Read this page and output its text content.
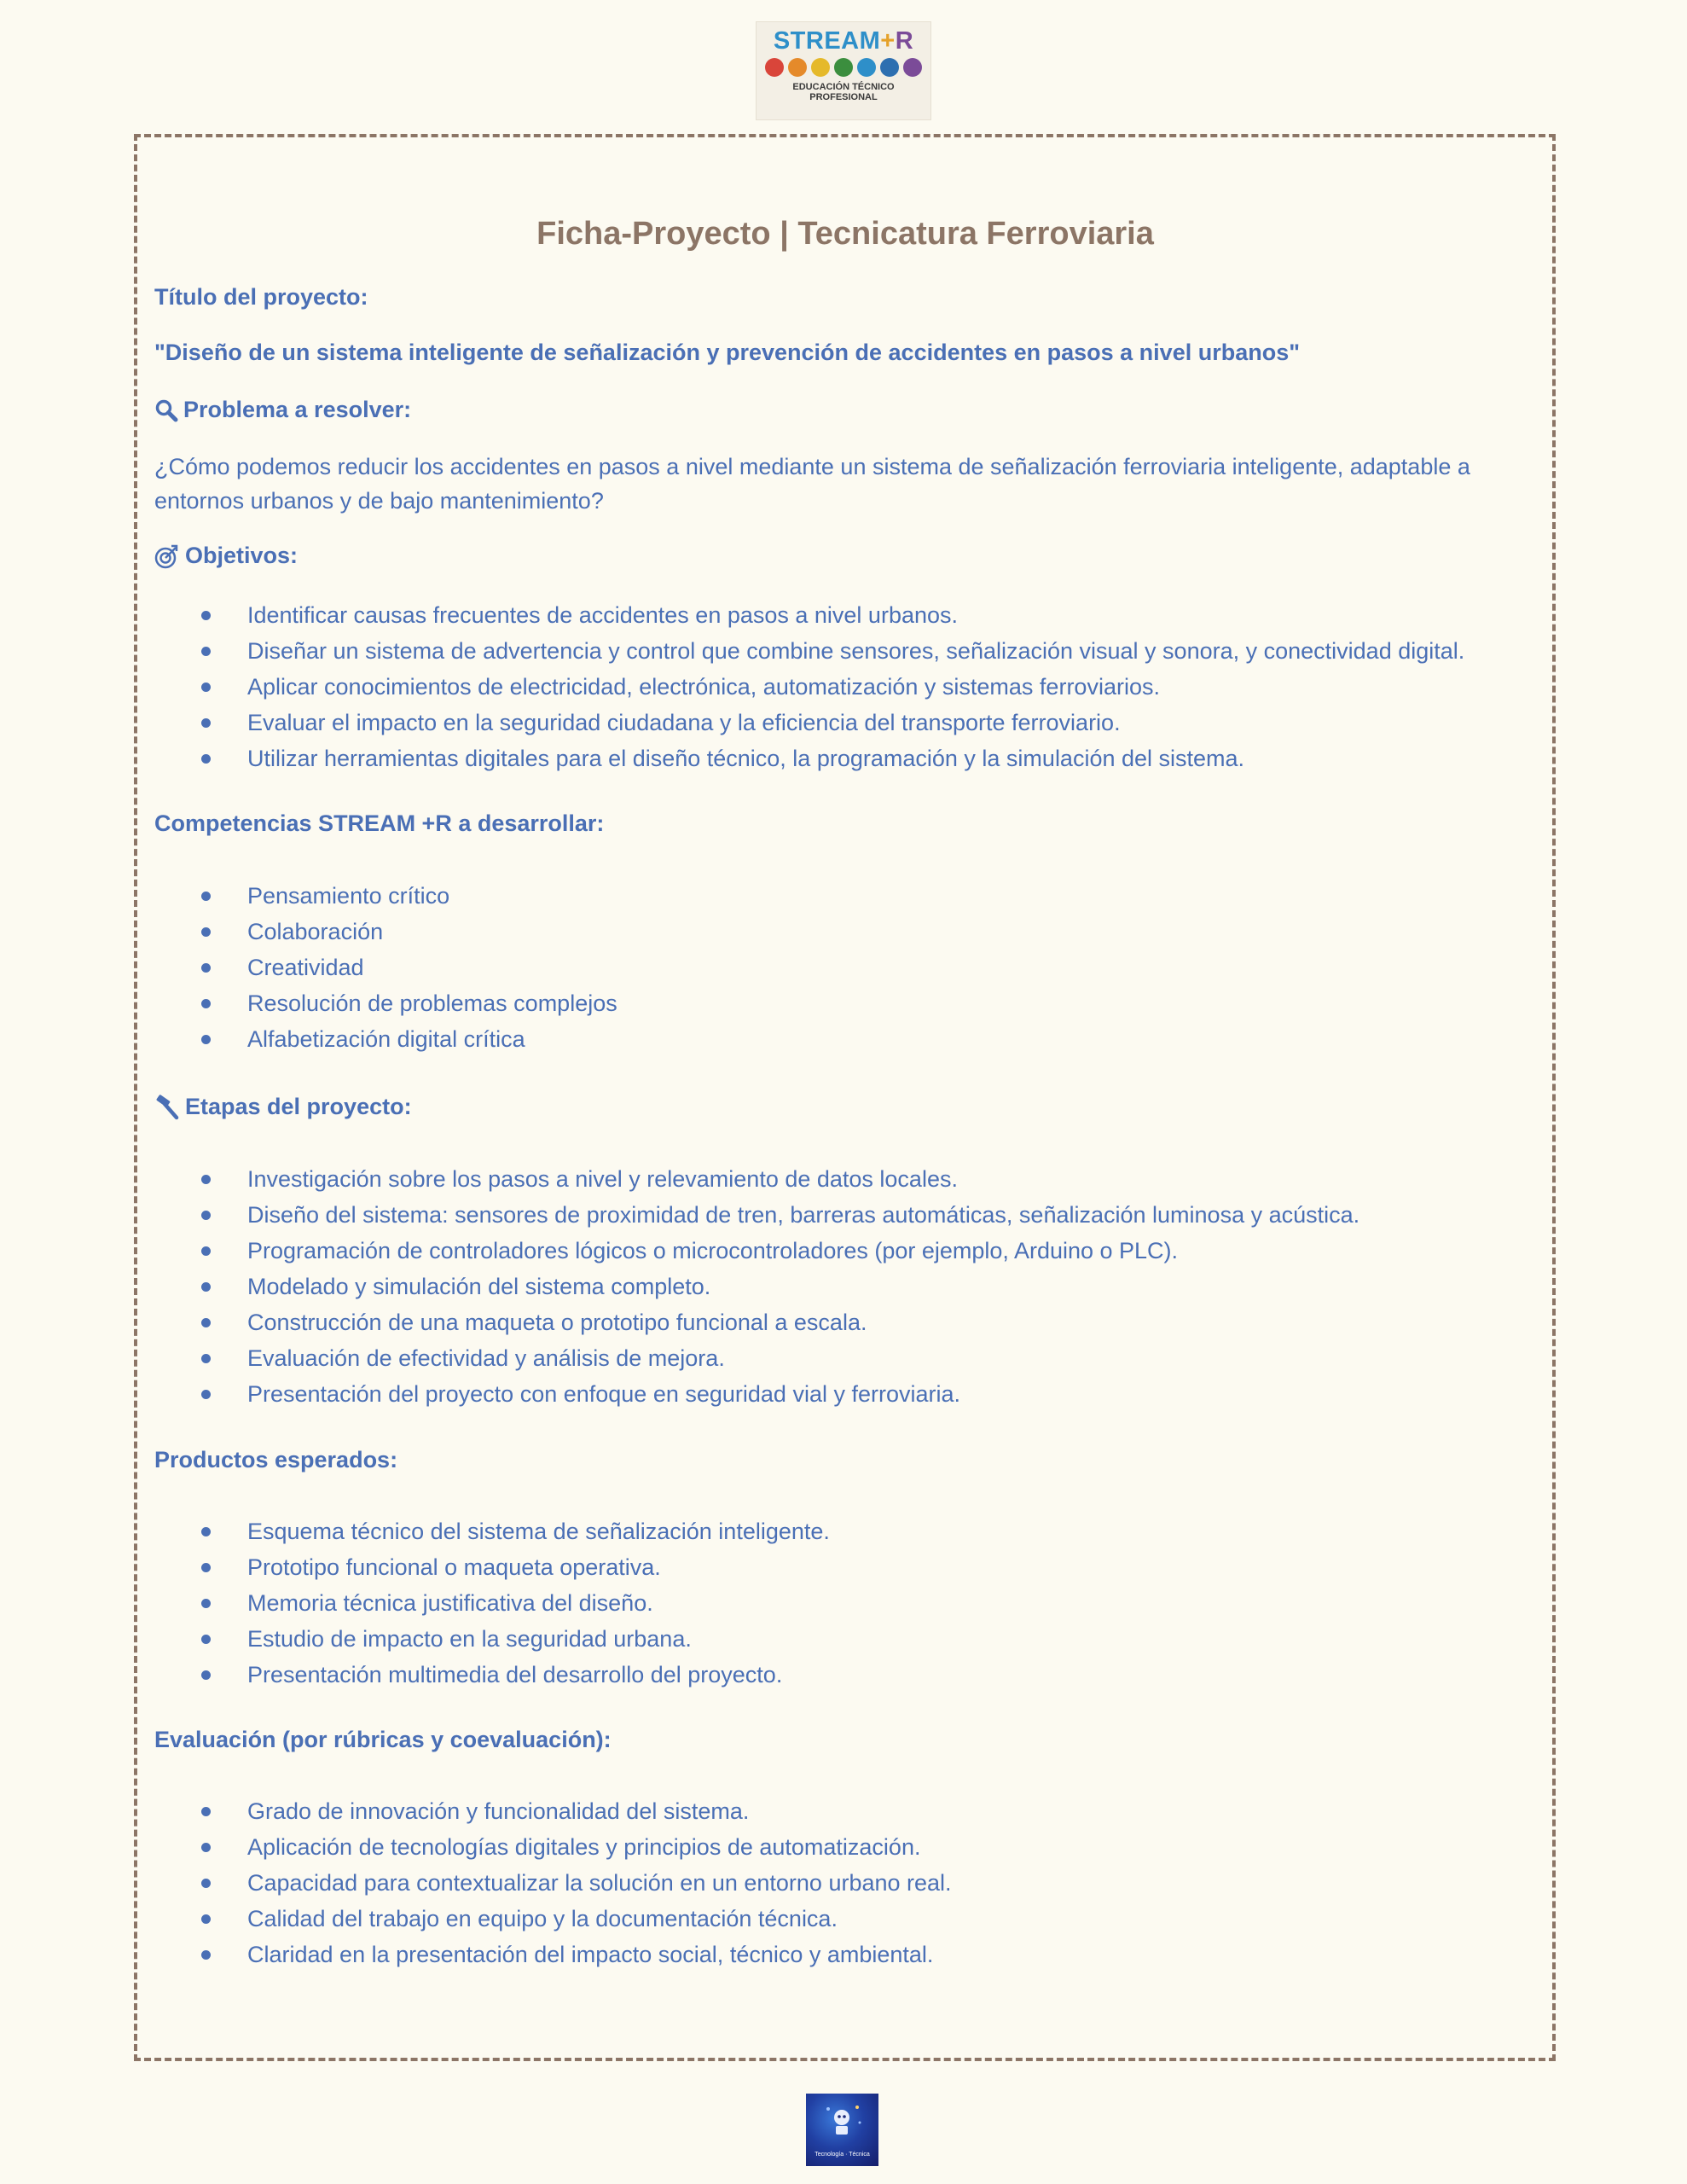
STREAM+R
EDUCACIÓN TÉCNICO
PROFESIONAL
Ficha-Proyecto | Tecnicatura Ferroviaria
Título del proyecto:
"Diseño de un sistema inteligente de señalización y prevención de accidentes en pasos a nivel urbanos"
Problema a resolver:
¿Cómo podemos reducir los accidentes en pasos a nivel mediante un sistema de señalización ferroviaria inteligente, adaptable a entornos urbanos y de bajo mantenimiento?
Objetivos:
Identificar causas frecuentes de accidentes en pasos a nivel urbanos.
Diseñar un sistema de advertencia y control que combine sensores, señalización visual y sonora, y conectividad digital.
Aplicar conocimientos de electricidad, electrónica, automatización y sistemas ferroviarios.
Evaluar el impacto en la seguridad ciudadana y la eficiencia del transporte ferroviario.
Utilizar herramientas digitales para el diseño técnico, la programación y la simulación del sistema.
Competencias STREAM +R a desarrollar:
Pensamiento crítico
Colaboración
Creatividad
Resolución de problemas complejos
Alfabetización digital crítica
Etapas del proyecto:
Investigación sobre los pasos a nivel y relevamiento de datos locales.
Diseño del sistema: sensores de proximidad de tren, barreras automáticas, señalización luminosa y acústica.
Programación de controladores lógicos o microcontroladores (por ejemplo, Arduino o PLC).
Modelado y simulación del sistema completo.
Construcción de una maqueta o prototipo funcional a escala.
Evaluación de efectividad y análisis de mejora.
Presentación del proyecto con enfoque en seguridad vial y ferroviaria.
Productos esperados:
Esquema técnico del sistema de señalización inteligente.
Prototipo funcional o maqueta operativa.
Memoria técnica justificativa del diseño.
Estudio de impacto en la seguridad urbana.
Presentación multimedia del desarrollo del proyecto.
Evaluación (por rúbricas y coevaluación):
Grado de innovación y funcionalidad del sistema.
Aplicación de tecnologías digitales y principios de automatización.
Capacidad para contextualizar la solución en un entorno urbano real.
Calidad del trabajo en equipo y la documentación técnica.
Claridad en la presentación del impacto social, técnico y ambiental.
Tecnología · Técnica
